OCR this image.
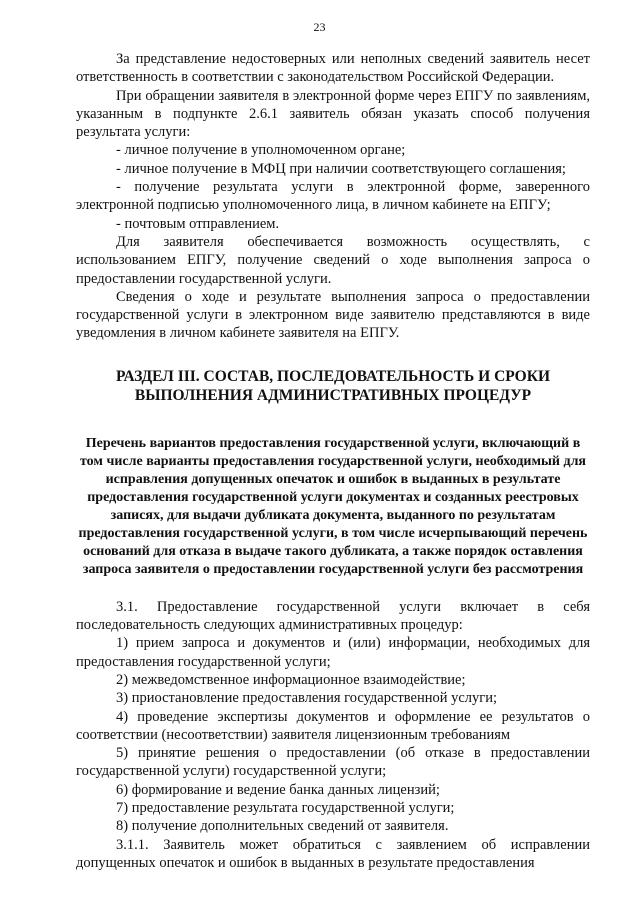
23

За представление недостоверных или неполных сведений заявитель несет ответственность в соответствии с законодательством Российской Федерации.

При обращении заявителя в электронной форме через ЕПГУ по заявлениям, указанным в подпункте 2.6.1 заявитель обязан указать способ получения результата услуги:

- личное получение в уполномоченном органе;

- личное получение в МФЦ при наличии соответствующего соглашения;

- получение результата услуги в электронной форме, заверенного электронной подписью уполномоченного лица, в личном кабинете на ЕПГУ;

- почтовым отправлением.

Для заявителя обеспечивается возможность осуществлять, с использованием ЕПГУ, получение сведений о ходе выполнения запроса о предоставлении государственной услуги.

Сведения о ходе и результате выполнения запроса о предоставлении государственной услуги в электронном виде заявителю представляются в виде уведомления в личном кабинете заявителя на ЕПГУ.

РАЗДЕЛ III. СОСТАВ, ПОСЛЕДОВАТЕЛЬНОСТЬ И СРОКИ
ВЫПОЛНЕНИЯ АДМИНИСТРАТИВНЫХ ПРОЦЕДУР

Перечень вариантов предоставления государственной услуги, включающий в том числе варианты предоставления государственной услуги, необходимый для исправления допущенных опечаток и ошибок в выданных в результате предоставления государственной услуги документах и созданных реестровых записях, для выдачи дубликата документа, выданного по результатам предоставления государственной услуги, в том числе исчерпывающий перечень оснований для отказа в выдаче такого дубликата, а также порядок оставления запроса заявителя о предоставлении государственной услуги без рассмотрения

3.1. Предоставление государственной услуги включает в себя последовательность следующих административных процедур:

1) прием запроса и документов и (или) информации, необходимых для предоставления государственной услуги;

2) межведомственное информационное взаимодействие;

3) приостановление предоставления государственной услуги;

4) проведение экспертизы документов и оформление ее результатов о соответствии (несоответствии) заявителя лицензионным требованиям

5) принятие решения о предоставлении (об отказе в предоставлении государственной услуги) государственной услуги;

6) формирование и ведение банка данных лицензий;

7) предоставление результата государственной услуги;

8) получение дополнительных сведений от заявителя.

3.1.1. Заявитель может обратиться с заявлением об исправлении допущенных опечаток и ошибок в выданных в результате предоставления
